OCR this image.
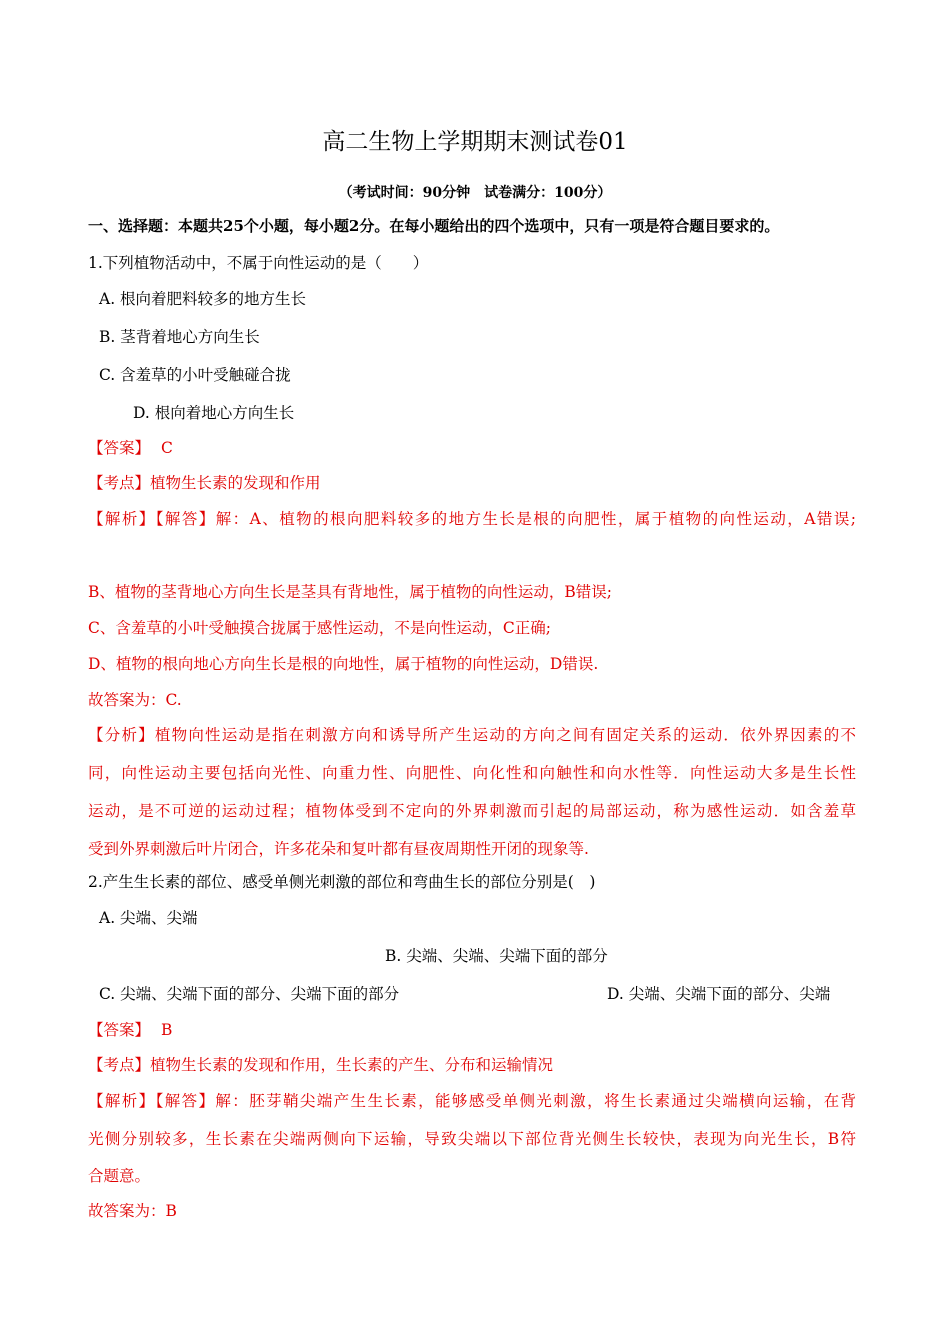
高二生物上学期期末测试卷01
（考试时间：90分钟　试卷满分：100分）
一、选择题：本题共25个小题，每小题2分。在每小题给出的四个选项中，只有一项是符合题目要求的。
1.下列植物活动中，不属于向性运动的是（　　）
A. 根向着肥料较多的地方生长
B. 茎背着地心方向生长
C. 含羞草的小叶受触碰合拢
D. 根向着地心方向生长
【答案】 C
【考点】植物生长素的发现和作用
【解析】【解答】解：A、植物的根向肥料较多的地方生长是根的向肥性，属于植物的向性运动，A错误;
B、植物的茎背地心方向生长是茎具有背地性，属于植物的向性运动，B错误;
C、含羞草的小叶受触摸合拢属于感性运动，不是向性运动，C正确;
D、植物的根向地心方向生长是根的向地性，属于植物的向性运动，D错误.
故答案为：C.
【分析】植物向性运动是指在刺激方向和诱导所产生运动的方向之间有固定关系的运动．依外界因素的不
同，向性运动主要包括向光性、向重力性、向肥性、向化性和向触性和向水性等．向性运动大多是生长性
运动，是不可逆的运动过程；植物体受到不定向的外界刺激而引起的局部运动，称为感性运动．如含羞草
受到外界刺激后叶片闭合，许多花朵和复叶都有昼夜周期性开闭的现象等.
2.产生生长素的部位、感受单侧光刺激的部位和弯曲生长的部位分别是(　)
A. 尖端、尖端
B. 尖端、尖端、尖端下面的部分
C. 尖端、尖端下面的部分、尖端下面的部分	D. 尖端、尖端下面的部分、尖端
【答案】 B
【考点】植物生长素的发现和作用，生长素的产生、分布和运输情况
【解析】【解答】解：胚芽鞘尖端产生生长素，能够感受单侧光刺激，将生长素通过尖端横向运输，在背
光侧分别较多，生长素在尖端两侧向下运输，导致尖端以下部位背光侧生长较快，表现为向光生长，B符
合题意。
故答案为：B
